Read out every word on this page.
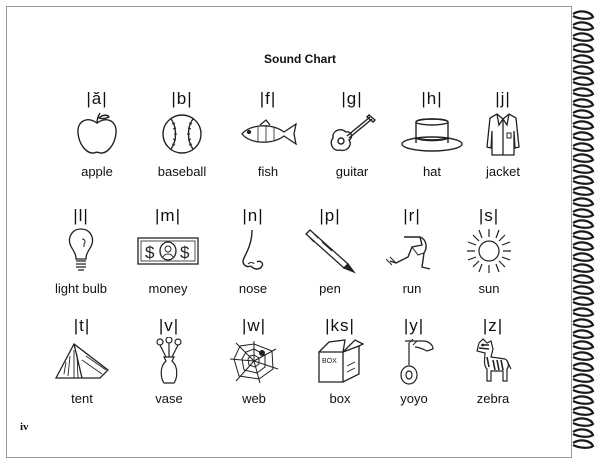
Sound Chart
|ă|
apple
|b|
baseball
|f|
fish
|g|
guitar
|h|
hat
|j|
jacket
|l|
light bulb
|m|
$ $
money
|n|
nose
|p|
pen
|r|
run
|s|
sun
|t|
tent
|v|
vase
|w|
web
|ks|
BOX
box
|y|
yoyo
|z|
zebra
iv
